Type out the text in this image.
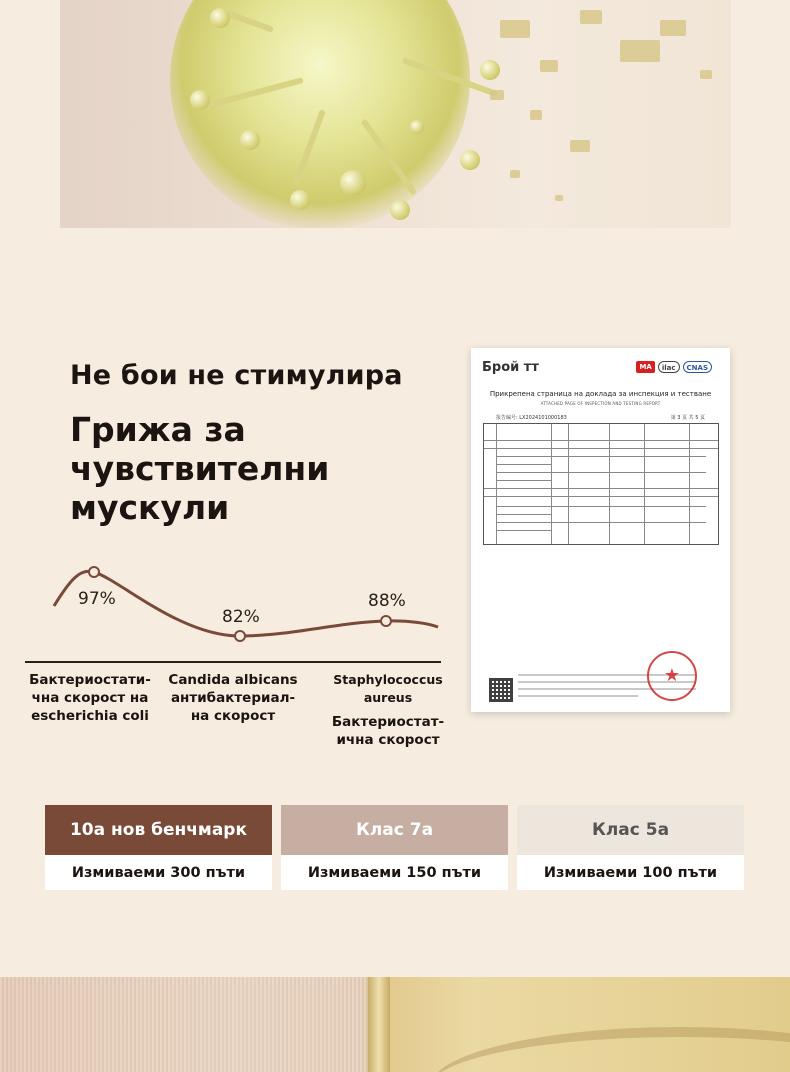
Не бои не стимулира
Грижа за
чувствителни мускули
97%
82%
88%
Бактериостати-
чна скорост на
escherichia coli
Candida albicans
антибактериал-
на скорост
Staphylococcus aureus
Бактериостат-
ична скорост
Брой тт	MA	ilac	CNAS
Прикрепена страница на доклада за инспекция и тестване
ATTACHED PAGE OF INSPECTION AND TESTING REPORT
报告编号: LX2024101000183	第 3 页 共 5 页
★
10а нов бенчмарк	Клас 7а	Клас 5а
Измиваеми 300 пъти	Измиваеми 150 пъти	Измиваеми 100 пъти
